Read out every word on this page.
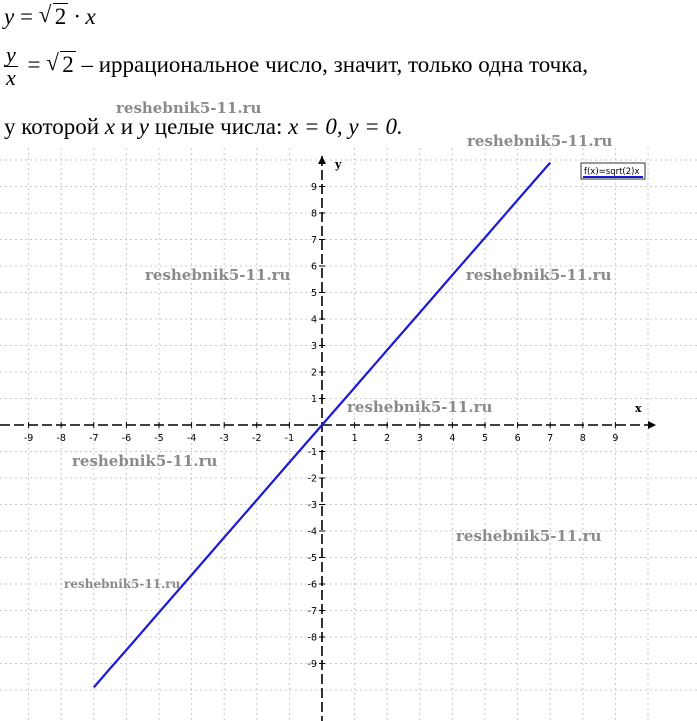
y = √ 2 · x
$\frac{y}{x}$ = √ 2 – иррациональное число, значит, только одна точка,
у которой x и y целые числа: x = 0, y = 0.
x
y
-9 -8 -7 -6 -5 -4 -3 -2 -1	1	2	3	4	5	6	7	8	9
9
8
7
6
5
4
3
2
1
-1
-2
-3
-4
-5
-6
-7
-8
-9
f(x)=sqrt(2)x
reshebnik5-11.ru	reshebnik5-11.ru
reshebnik5-11.ru
reshebnik5-11.ru
reshebnik5-11.ru
reshebnik5-11.ru
reshebnik5-11.ru
reshebnik5-11.ru
